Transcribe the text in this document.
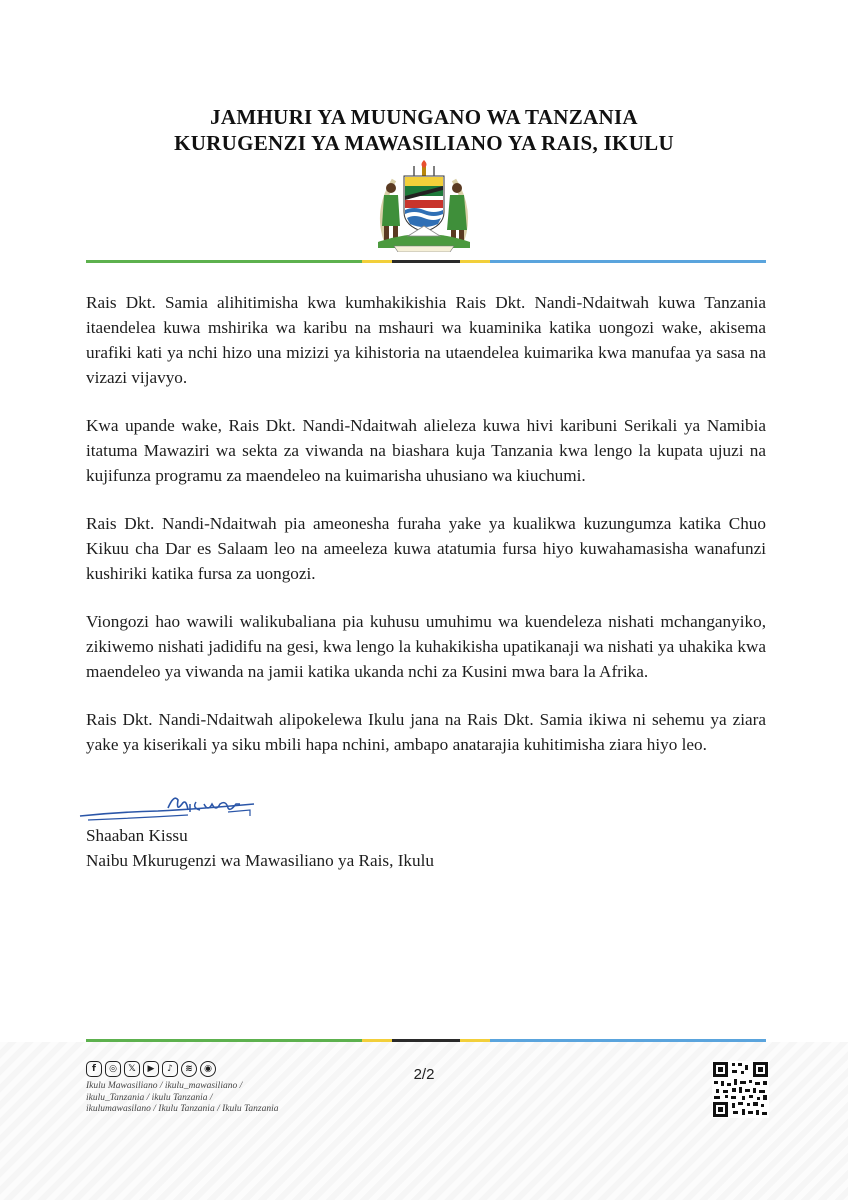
JAMHURI YA MUUNGANO WA TANZANIA

KURUGENZI YA MAWASILIANO YA RAIS, IKULU

Rais Dkt. Samia alihitimisha kwa kumhakikishia Rais Dkt. Nandi-Ndaitwah kuwa Tanzania itaendelea kuwa mshirika wa karibu na mshauri wa kuaminika katika uongozi wake, akisema urafiki kati ya nchi hizo una mizizi ya kihistoria na utaendelea kuimarika kwa manufaa ya sasa na vizazi vijavyo.

Kwa upande wake, Rais Dkt. Nandi-Ndaitwah alieleza kuwa hivi karibuni Serikali ya Namibia itatuma Mawaziri wa sekta za viwanda na biashara kuja Tanzania kwa lengo la kupata ujuzi na kujifunza programu za maendeleo na kuimarisha uhusiano wa kiuchumi.

Rais Dkt. Nandi-Ndaitwah pia ameonesha furaha yake ya kualikwa kuzungumza katika Chuo Kikuu cha Dar es Salaam leo na ameeleza kuwa atatumia fursa hiyo kuwahamasisha wanafunzi kushiriki katika fursa za uongozi.

Viongozi hao wawili walikubaliana pia kuhusu umuhimu wa kuendeleza nishati mchanganyiko, zikiwemo nishati jadidifu na gesi, kwa lengo la kuhakikisha upatikanaji wa nishati ya uhakika kwa maendeleo ya viwanda na jamii katika ukanda nchi za Kusini mwa bara la Afrika.

Rais Dkt. Nandi-Ndaitwah alipokelewa Ikulu jana na Rais Dkt. Samia ikiwa ni sehemu ya ziara yake ya kiserikali ya siku mbili hapa nchini, ambapo anatarajia kuhitimisha ziara hiyo leo.

Shaaban Kissu
Naibu Mkurugenzi wa Mawasiliano ya Rais, Ikulu
f	◎	𝕏	▶	♪	≋	◉
Ikulu Mawasiliano / ikulu_mawasiliano /
ikulu_Tanzania / ikulu Tanzania /
ikulumawasilano / Ikulu Tanzania / Ikulu Tanzania
2/2
